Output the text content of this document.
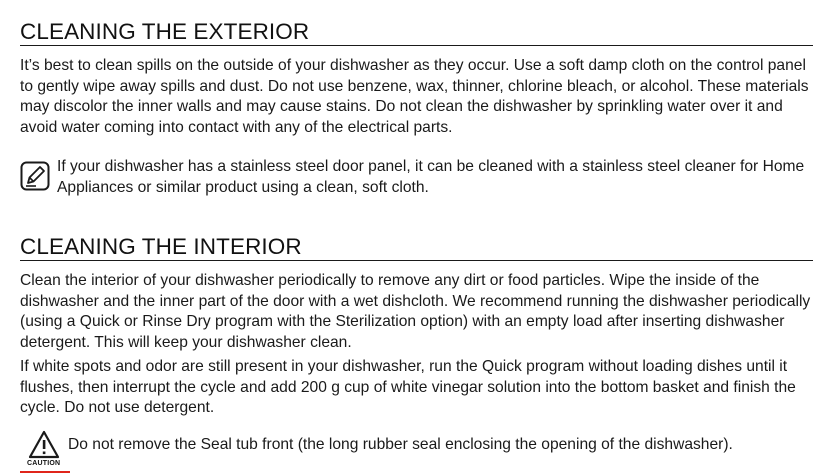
CLEANING THE EXTERIOR

It’s best to clean spills on the outside of your dishwasher as they occur. Use a soft damp cloth on the control panel to gently wipe away spills and dust. Do not use benzene, wax, thinner, chlorine bleach, or alcohol. These materials may discolor the inner walls and may cause stains. Do not clean the dishwasher by sprinkling water over it and avoid water coming into contact with any of the electrical parts.

If your dishwasher has a stainless steel door panel, it can be cleaned with a stainless steel cleaner for Home Appliances or similar product using a clean, soft cloth.

CLEANING THE INTERIOR

Clean the interior of your dishwasher periodically to remove any dirt or food particles. Wipe the inside of the dishwasher and the inner part of the door with a wet dishcloth. We recommend running the dishwasher periodically (using a Quick or Rinse Dry program with the Sterilization option) with an empty load after inserting dishwasher detergent. This will keep your dishwasher clean.

If white spots and odor are still present in your dishwasher, run the Quick program without loading dishes until it flushes, then interrupt the cycle and add 200 g cup of white vinegar solution into the bottom basket and finish the cycle. Do not use detergent.

CAUTION

Do not remove the Seal tub front (the long rubber seal enclosing the opening of the dishwasher).
